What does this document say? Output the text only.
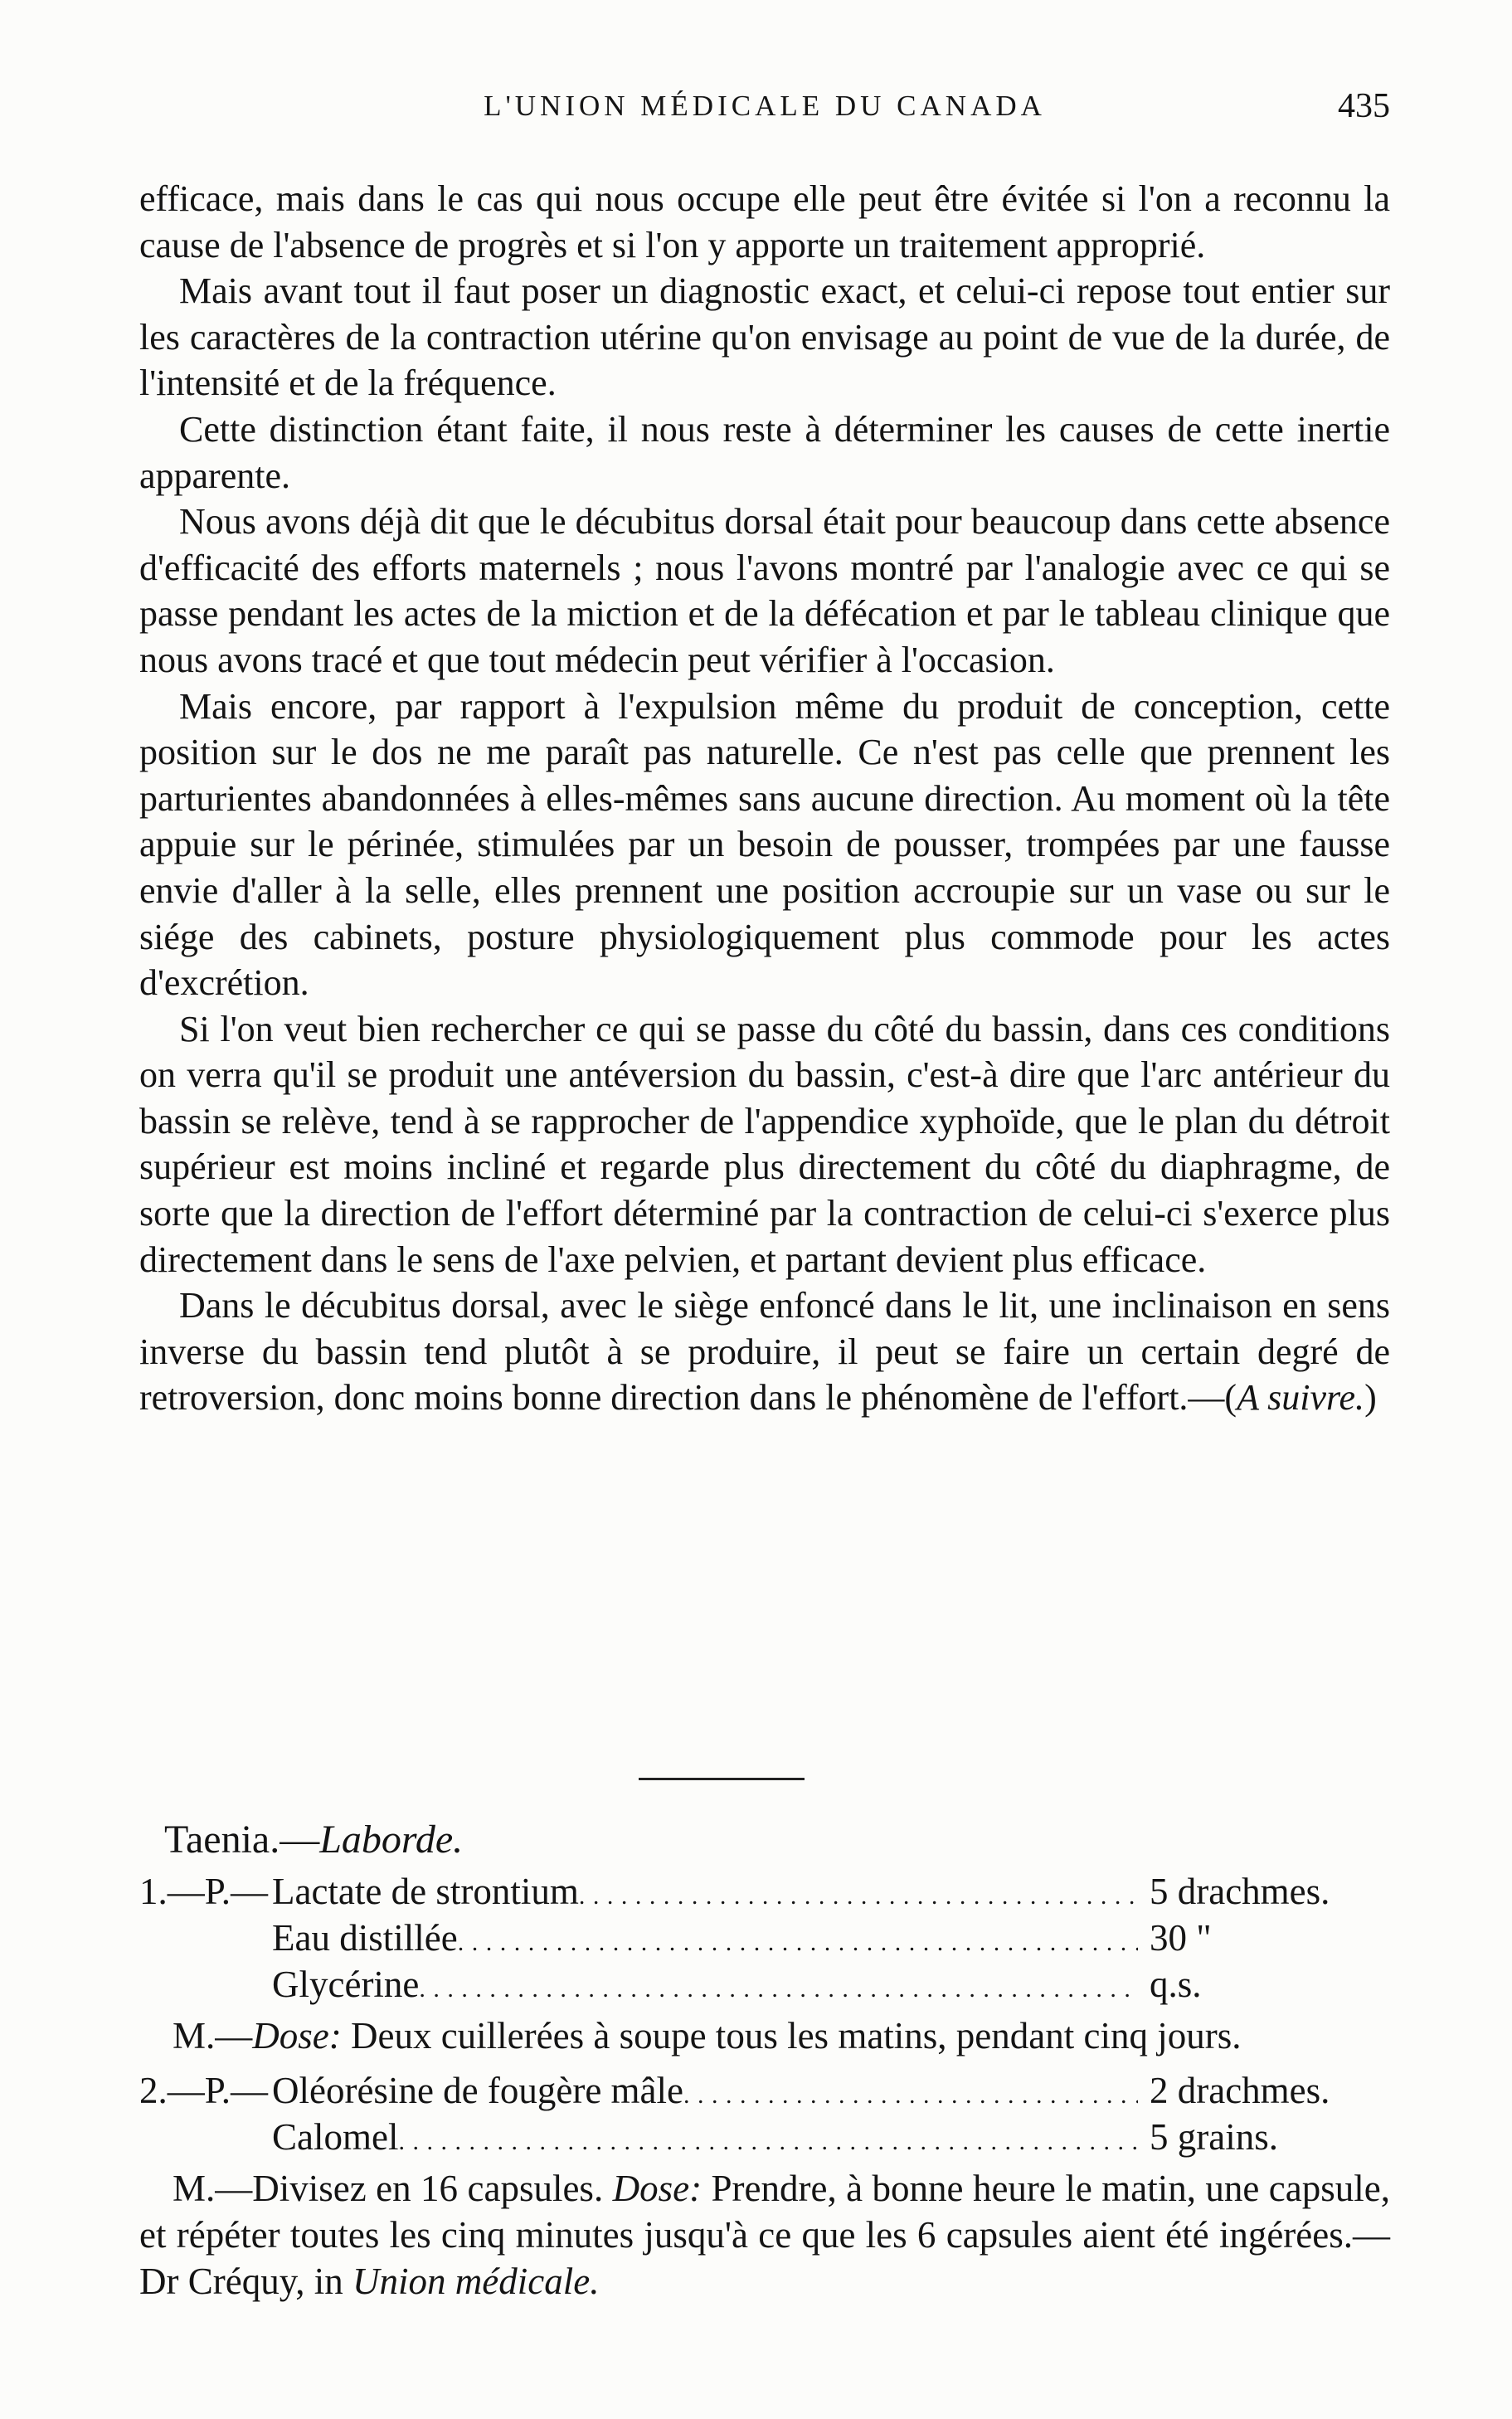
L'UNION MÉDICALE DU CANADA	435

efficace, mais dans le cas qui nous occupe elle peut être évitée si l'on a reconnu la cause de l'absence de progrès et si l'on y apporte un traitement approprié.

Mais avant tout il faut poser un diagnostic exact, et celui-ci repose tout entier sur les caractères de la contraction utérine qu'on envisage au point de vue de la durée, de l'intensité et de la fréquence.

Cette distinction étant faite, il nous reste à déterminer les causes de cette inertie apparente.

Nous avons déjà dit que le décubitus dorsal était pour beaucoup dans cette absence d'efficacité des efforts maternels ; nous l'avons montré par l'analogie avec ce qui se passe pendant les actes de la miction et de la défécation et par le tableau clinique que nous avons tracé et que tout médecin peut vérifier à l'occasion.

Mais encore, par rapport à l'expulsion même du produit de conception, cette position sur le dos ne me paraît pas naturelle. Ce n'est pas celle que prennent les parturientes abandonnées à elles-mêmes sans aucune direction. Au moment où la tête appuie sur le périnée, stimulées par un besoin de pousser, trompées par une fausse envie d'aller à la selle, elles prennent une position accroupie sur un vase ou sur le siége des cabinets, posture physiologiquement plus commode pour les actes d'excrétion.

Si l'on veut bien rechercher ce qui se passe du côté du bassin, dans ces conditions on verra qu'il se produit une antéversion du bassin, c'est-à dire que l'arc antérieur du bassin se relève, tend à se rapprocher de l'appendice xyphoïde, que le plan du détroit supérieur est moins incliné et regarde plus directement du côté du diaphragme, de sorte que la direction de l'effort déterminé par la contraction de celui-ci s'exerce plus directement dans le sens de l'axe pelvien, et partant devient plus efficace.

Dans le décubitus dorsal, avec le siège enfoncé dans le lit, une inclinaison en sens inverse du bassin tend plutôt à se produire, il peut se faire un certain degré de retroversion, donc moins bonne direction dans le phénomène de l'effort.—(A suivre.)

Taenia.—Laborde.
1.—P.— Lactate de strontium . . .	5 drachmes.
Eau distillée . . .	30 "
Glycérine . . .	q.s.

M.—Dose: Deux cuillerées à soupe tous les matins, pendant cinq jours.

2.—P.— Oléorésine de fougère mâle . . .	2 drachmes.
Calomel . . .	5 grains.

M.—Divisez en 16 capsules. Dose: Prendre, à bonne heure le matin, une capsule, et répéter toutes les cinq minutes jusqu'à ce que les 6 capsules aient été ingérées.—Dr Créquy, in Union médicale.
